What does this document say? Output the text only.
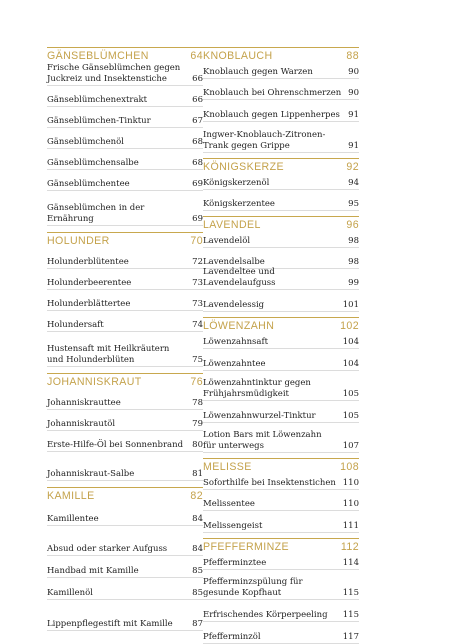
GÄNSEBLÜMCHEN	64
Frische Gänseblümchen gegen Juckreiz und Insektenstiche	66
Gänseblümchenextrakt	66
Gänseblümchen-Tinktur	67
Gänseblümchenöl	68
Gänseblümchensalbe	68
Gänseblümchentee	69
Gänseblümchen in der Ernährung	69
HOLUNDER	70
Holunderblütentee	72
Holunderbeerentee	73
Holunderblättertee	73
Holundersaft	74
Hustensaft mit Heilkräutern und Holunderblüten	75
JOHANNISKRAUT	76
Johanniskrauttee	78
Johanniskrautöl	79
Erste-Hilfe-Öl bei Sonnenbrand	80
Johanniskraut-Salbe	81
KAMILLE	82
Kamillentee	84
Absud oder starker Aufguss	84
Handbad mit Kamille	85
Kamillenöl	85
Lippenpflegestift mit Kamille	87
KNOBLAUCH	88
Knoblauch gegen Warzen	90
Knoblauch bei Ohrenschmerzen 90
Knoblauch gegen Lippenherpes 91
Ingwer-Knoblauch-Zitronen-Trank gegen Grippe	91
KÖNIGSKERZE	92
Königskerzenöl	94
Königskerzentee	95
LAVENDEL	96
Lavendelöl	98
Lavendelsalbe	98
Lavendeltee und Lavendelaufguss	99
Lavendelessig	101
LÖWENZAHN	102
Löwenzahnsaft	104
Löwenzahntee	104
Löwenzahntinktur gegen Frühjahrsmüdigkeit	105
Löwenzahnwurzel-Tinktur	105
Lotion Bars mit Löwenzahn für unterwegs	107
MELISSE	108
Soforthilfe bei Insektenstichen 110
Melissentee	110
Melissengeist	111
PFEFFERMINZE	112
Pfefferminztee	114
Pfefferminzspülung für gesunde Kopfhaut	115
Erfrischendes Körperpeeling	115
Pfefferminzöl	117
